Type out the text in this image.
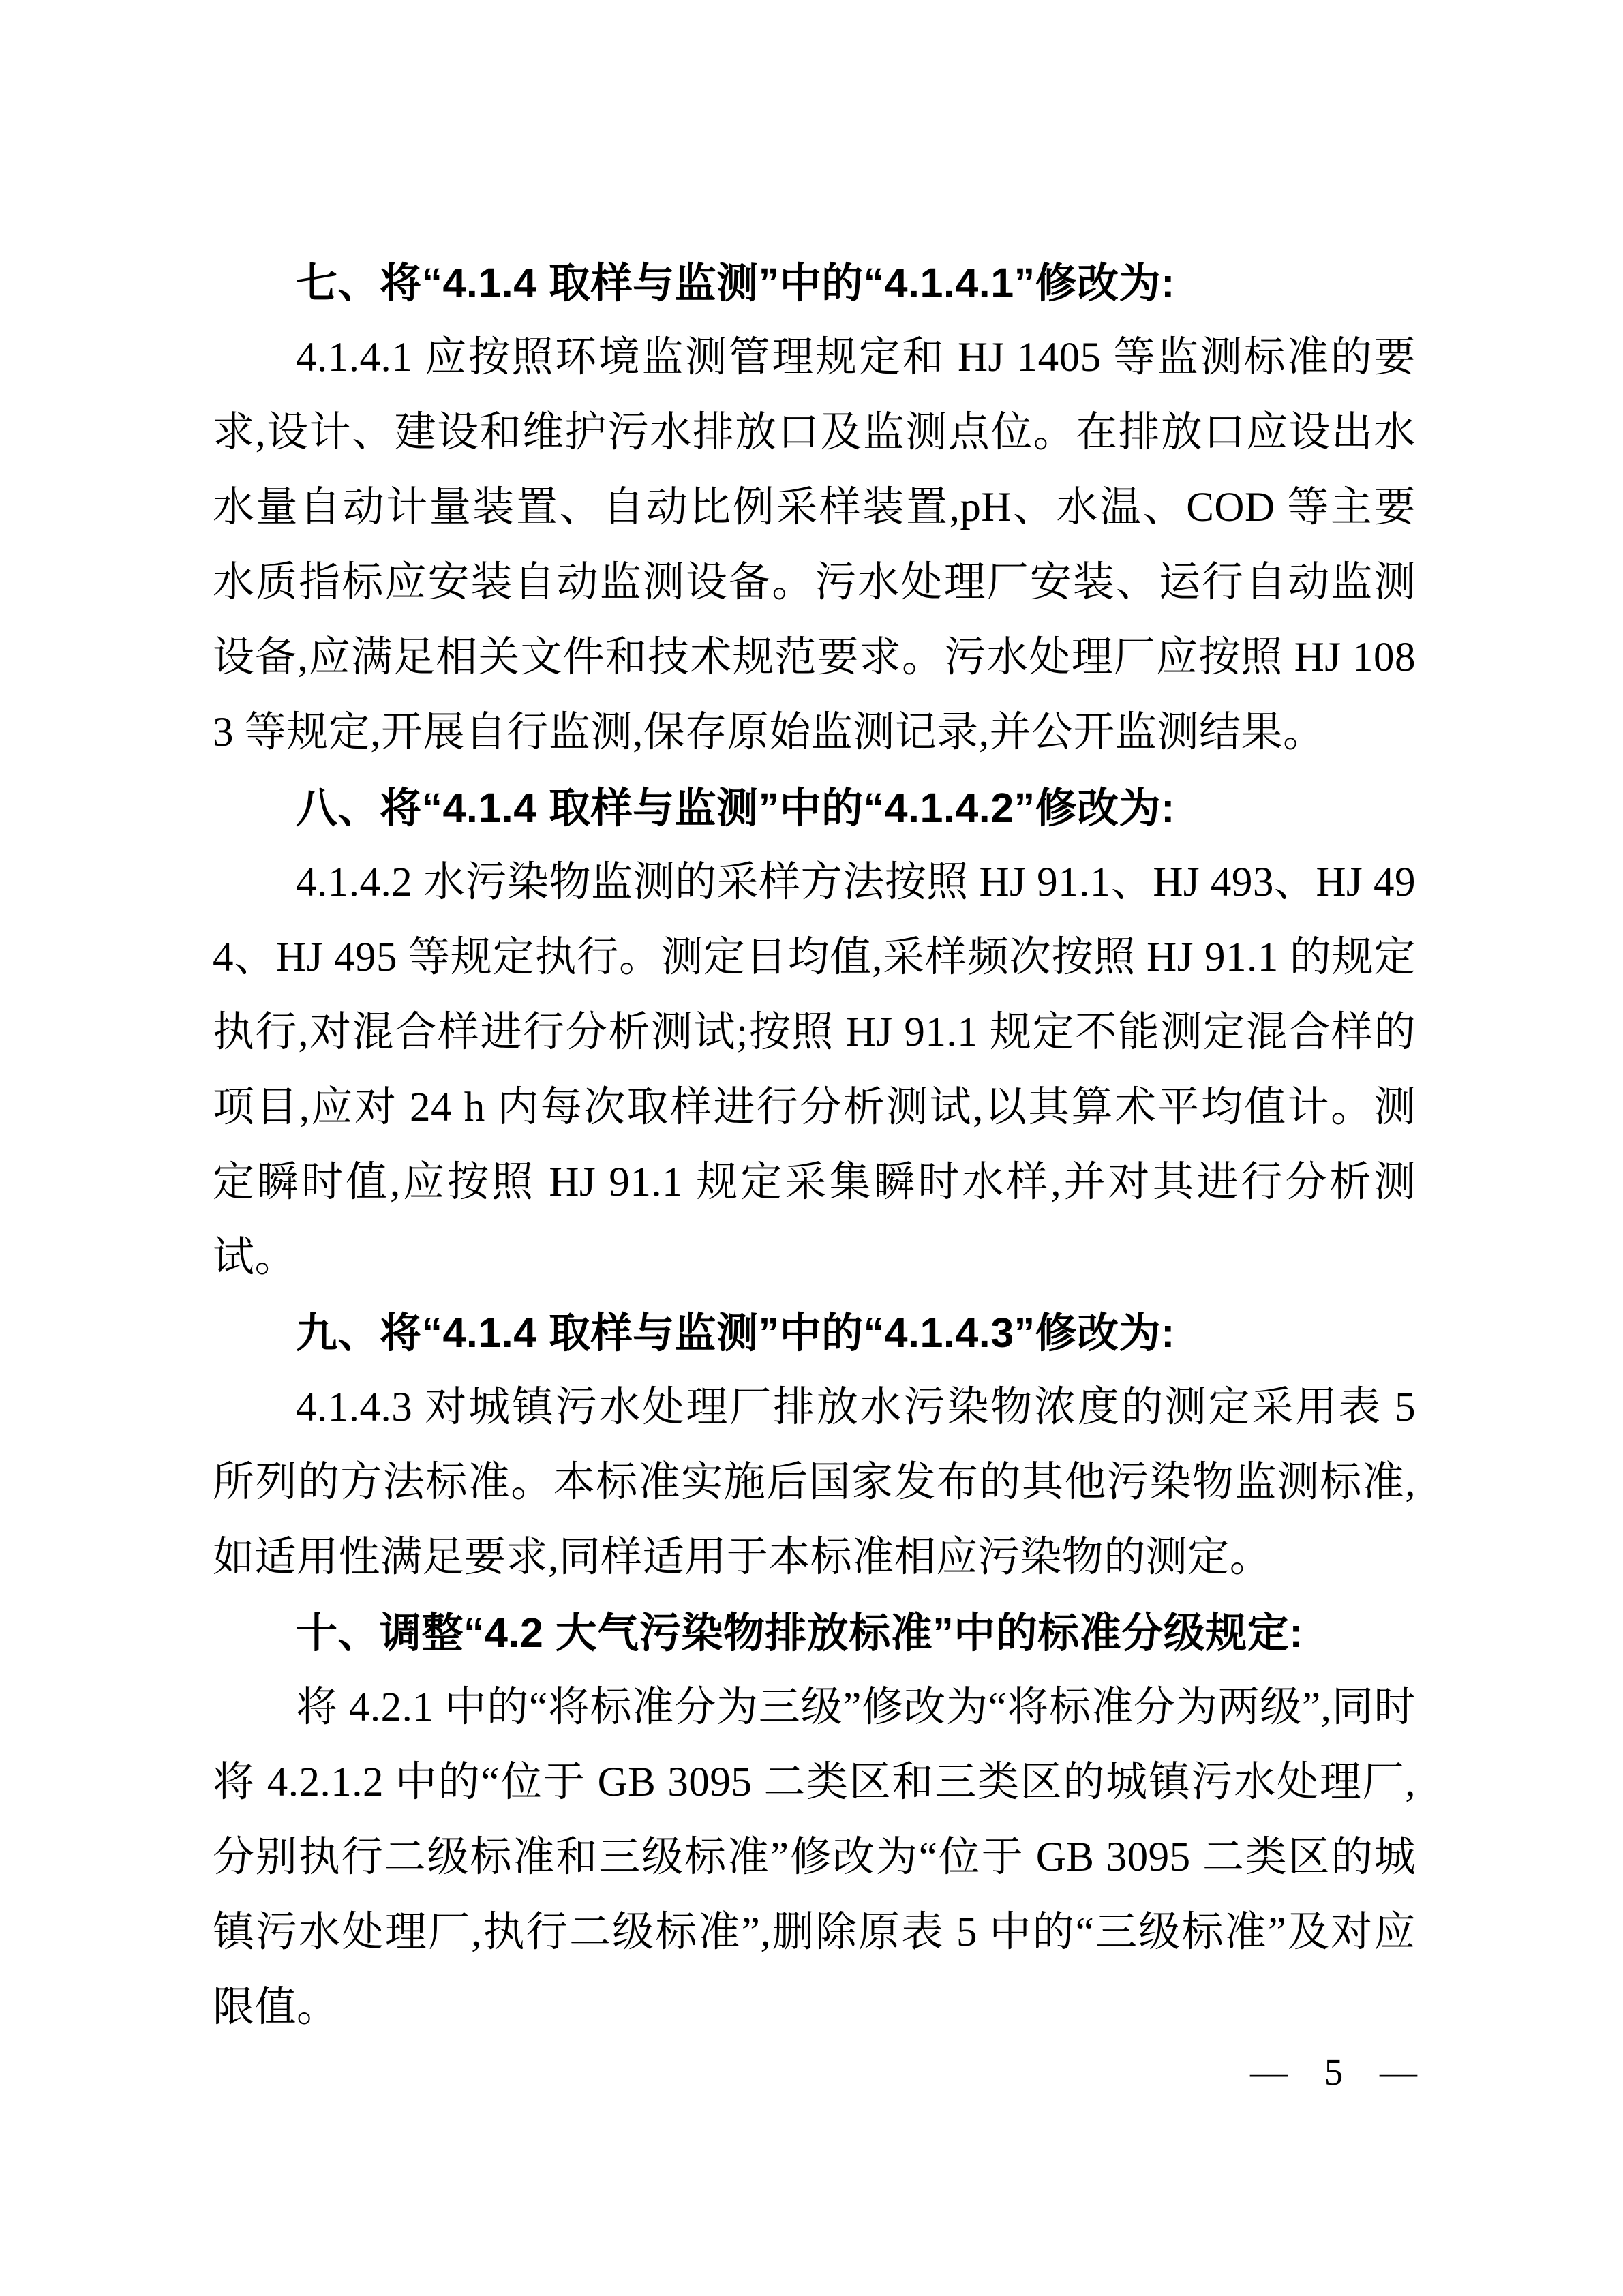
七、将“4.1.4 取样与监测”中的“4.1.4.1”修改为:

4.1.4.1 应按照环境监测管理规定和 HJ 1405 等监测标准的要求,设计、建设和维护污水排放口及监测点位。在排放口应设出水水量自动计量装置、自动比例采样装置,pH、水温、COD 等主要水质指标应安装自动监测设备。污水处理厂安装、运行自动监测设备,应满足相关文件和技术规范要求。污水处理厂应按照 HJ 1083 等规定,开展自行监测,保存原始监测记录,并公开监测结果。

八、将“4.1.4 取样与监测”中的“4.1.4.2”修改为:

4.1.4.2 水污染物监测的采样方法按照 HJ 91.1、HJ 493、HJ 494、HJ 495 等规定执行。测定日均值,采样频次按照 HJ 91.1 的规定执行,对混合样进行分析测试;按照 HJ 91.1 规定不能测定混合样的项目,应对 24 h 内每次取样进行分析测试,以其算术平均值计。测定瞬时值,应按照 HJ 91.1 规定采集瞬时水样,并对其进行分析测试。

九、将“4.1.4 取样与监测”中的“4.1.4.3”修改为:

4.1.4.3 对城镇污水处理厂排放水污染物浓度的测定采用表 5 所列的方法标准。本标准实施后国家发布的其他污染物监测标准,如适用性满足要求,同样适用于本标准相应污染物的测定。

十、调整“4.2 大气污染物排放标准”中的标准分级规定:

将 4.2.1 中的“将标准分为三级”修改为“将标准分为两级”,同时将 4.2.1.2 中的“位于 GB 3095 二类区和三类区的城镇污水处理厂,分别执行二级标准和三级标准”修改为“位于 GB 3095 二类区的城镇污水处理厂,执行二级标准”,删除原表 5 中的“三级标准”及对应限值。

— 5 —
